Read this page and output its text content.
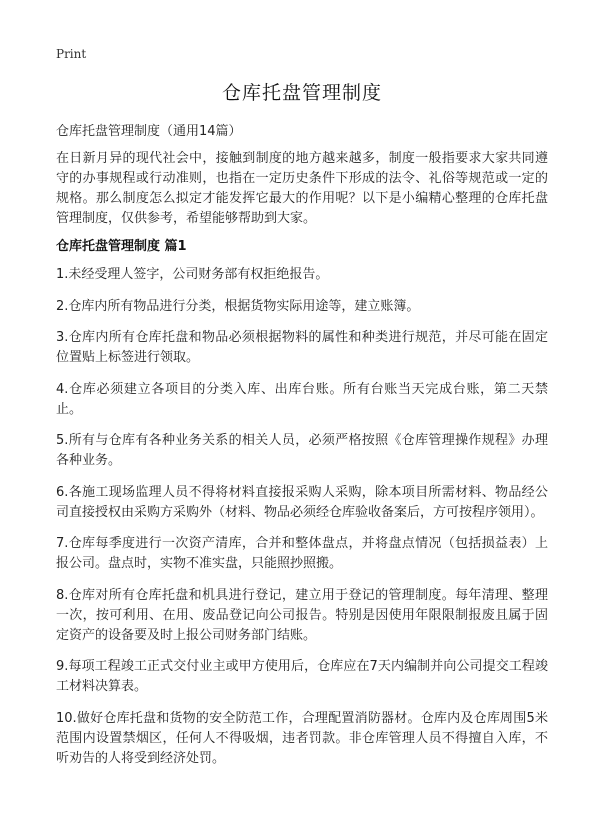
Print
仓库托盘管理制度

仓库托盘管理制度（通用14篇）

在日新月异的现代社会中，接触到制度的地方越来越多，制度一般指要求大家共同遵守的办事规程或行动准则，也指在一定历史条件下形成的法令、礼俗等规范或一定的规格。那么制度怎么拟定才能发挥它最大的作用呢？以下是小编精心整理的仓库托盘管理制度，仅供参考，希望能够帮助到大家。

仓库托盘管理制度 篇1
1.未经受理人签字，公司财务部有权拒绝报告。
2.仓库内所有物品进行分类，根据货物实际用途等，建立账簿。
3.仓库内所有仓库托盘和物品必须根据物料的属性和种类进行规范，并尽可能在固定位置贴上标签进行领取。
4.仓库必须建立各项目的分类入库、出库台账。所有台账当天完成台账，第二天禁止。
5.所有与仓库有各种业务关系的相关人员，必须严格按照《仓库管理操作规程》办理各种业务。
6.各施工现场监理人员不得将材料直接报采购人采购，除本项目所需材料、物品经公司直接授权由采购方采购外（材料、物品必须经仓库验收备案后，方可按程序领用）。
7.仓库每季度进行一次资产清库，合并和整体盘点，并将盘点情况（包括损益表）上报公司。盘点时，实物不准实盘，只能照抄照搬。
8.仓库对所有仓库托盘和机具进行登记，建立用于登记的管理制度。每年清理、整理一次，按可利用、在用、废品登记向公司报告。特别是因使用年限限制报废且属于固定资产的设备要及时上报公司财务部门结账。
9.每项工程竣工正式交付业主或甲方使用后，仓库应在7天内编制并向公司提交工程竣工材料决算表。
10.做好仓库托盘和货物的安全防范工作，合理配置消防器材。仓库内及仓库周围5米范围内设置禁烟区，任何人不得吸烟，违者罚款。非仓库管理人员不得擅自入库，不听劝告的人将受到经济处罚。
